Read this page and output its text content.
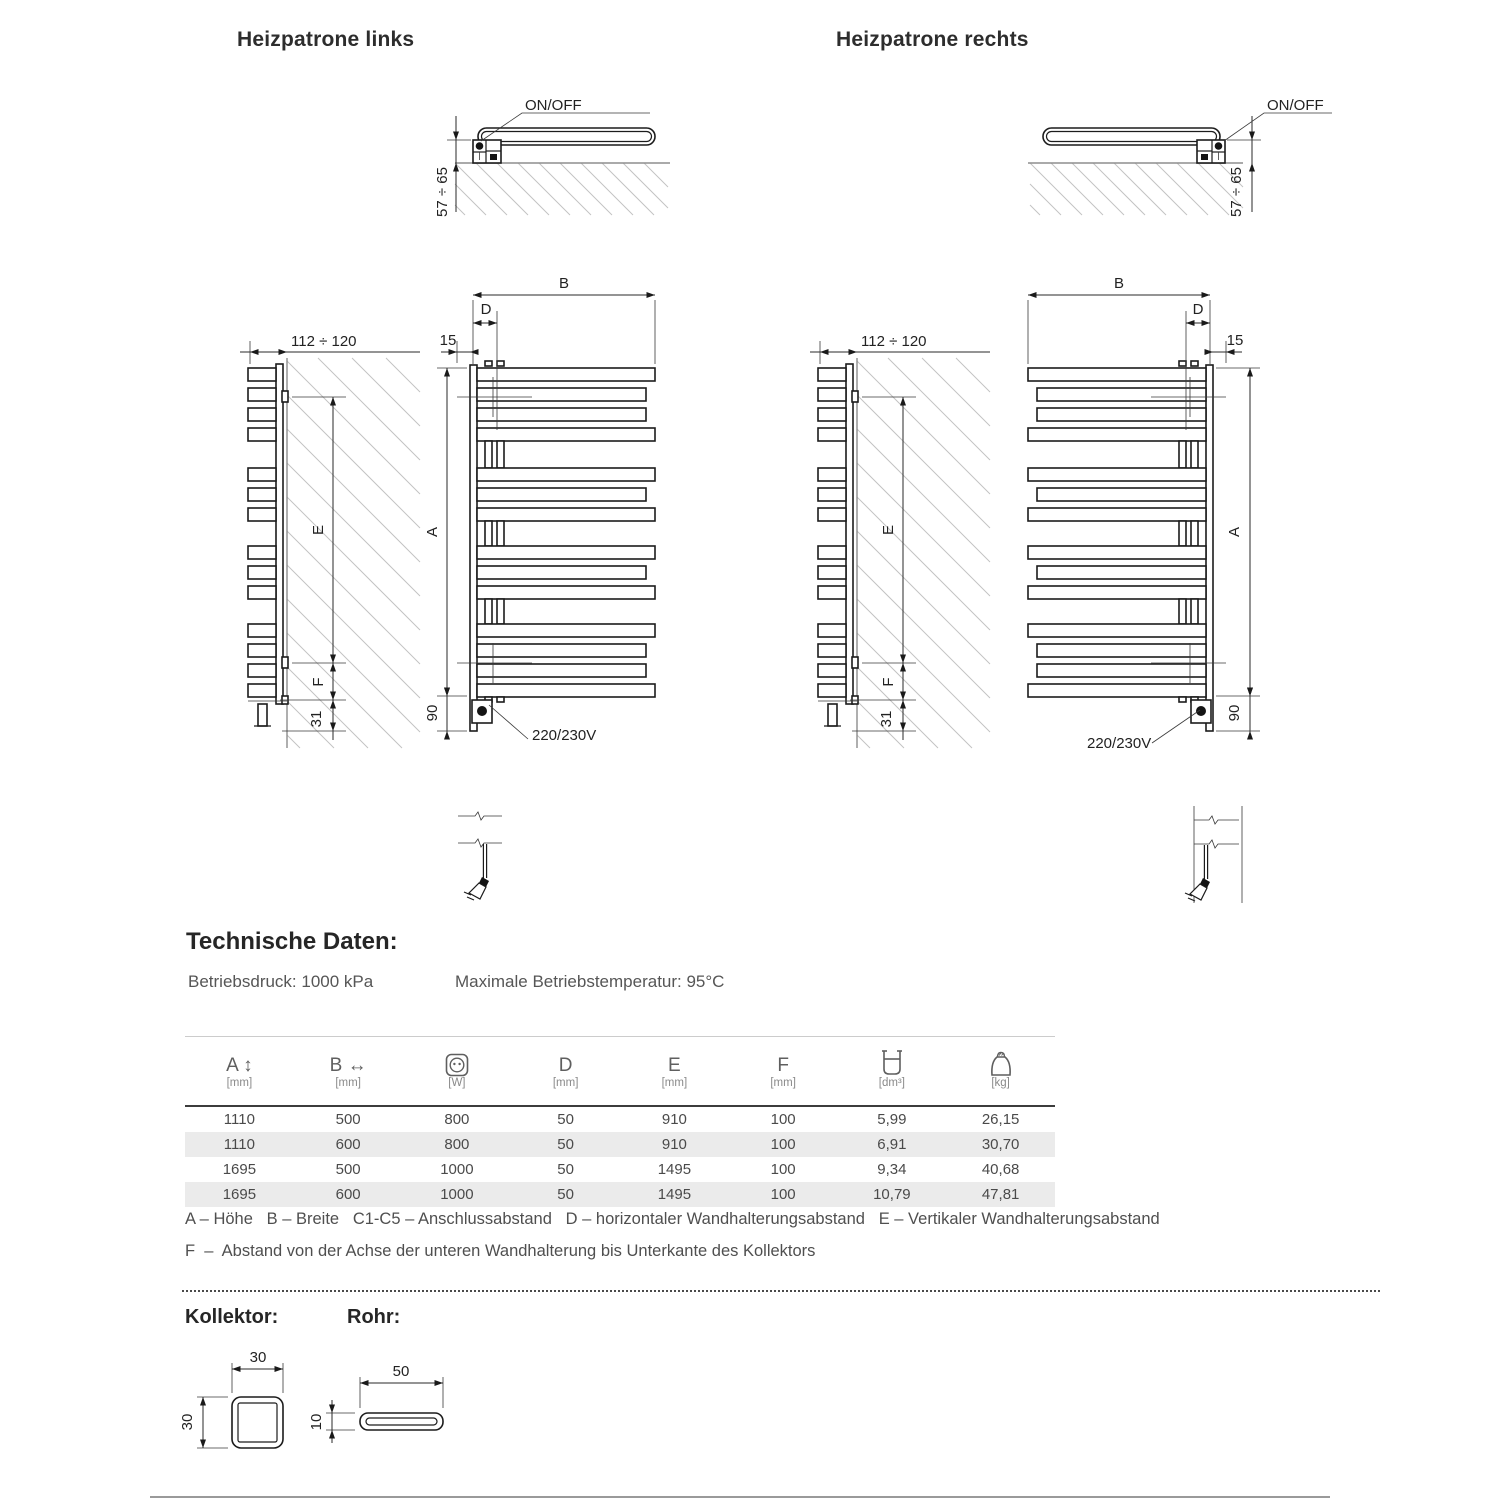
Heizpatrone links	Heizpatrone rechts
57 ÷ 65
ON/OFF
57 ÷ 65
ON/OFF
112 ÷ 120
E
F
31
B
D
15
A
90
220/230V
112 ÷ 120
E
F
31
B
D
15
A
90
220/230V
Technische Daten:
Betriebsdruck: 1000 kPa	Maximale Betriebstemperatur: 95°C
A ↕	B ↔		D	E	F		
[mm]	[mm]	[W]	[mm]	[mm]	[mm]	[dm³]	[kg]
1110	500	800	50	910	100	5,99	26,15
1110	600	800	50	910	100	6,91	30,70
1695	500	1000	50	1495	100	9,34	40,68
1695	600	1000	50	1495	100	10,79	47,81
A – Höhe   B – Breite   C1-C5 – Anschlussabstand   D – horizontaler Wandhalterungsabstand   E – Vertikaler Wandhalterungsabstand
F  –  Abstand von der Achse der unteren Wandhalterung bis Unterkante des Kollektors
Kollektor:	Rohr:
30
30
50
10
